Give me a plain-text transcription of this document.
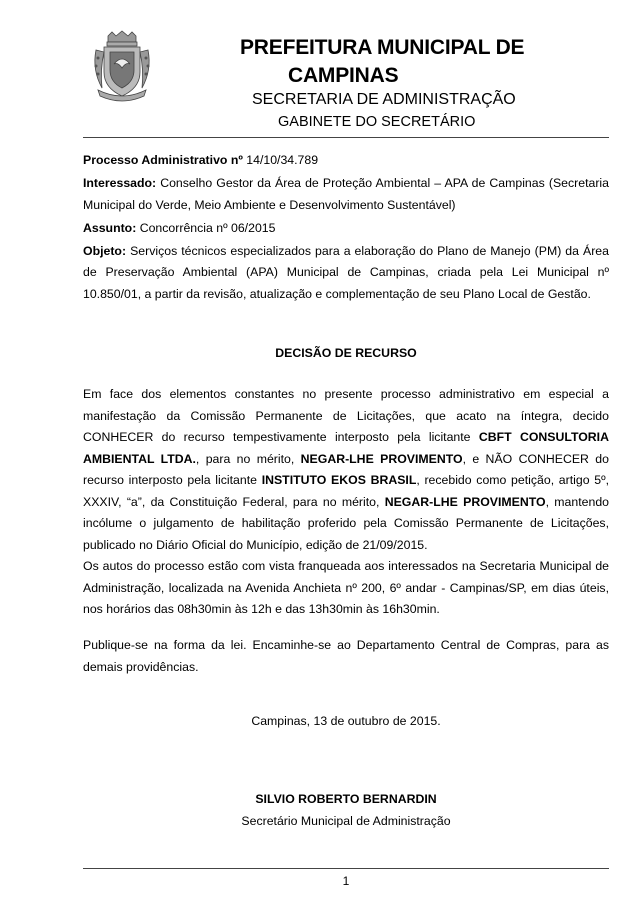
PREFEITURA MUNICIPAL DE
CAMPINAS
SECRETARIA DE ADMINISTRAÇÃO
GABINETE DO SECRETÁRIO

Processo Administrativo nº 14/10/34.789

Interessado: Conselho Gestor da Área de Proteção Ambiental – APA de Campinas (Secretaria Municipal do Verde, Meio Ambiente e Desenvolvimento Sustentável)

Assunto: Concorrência nº 06/2015

Objeto: Serviços técnicos especializados para a elaboração do Plano de Manejo (PM) da Área de Preservação Ambiental (APA) Municipal de Campinas, criada pela Lei Municipal nº 10.850/01, a partir da revisão, atualização e complementação de seu Plano Local de Gestão.

DECISÃO DE RECURSO

Em face dos elementos constantes no presente processo administrativo em especial a manifestação da Comissão Permanente de Licitações, que acato na íntegra, decido CONHECER do recurso tempestivamente interposto pela licitante CBFT CONSULTORIA AMBIENTAL LTDA., para no mérito, NEGAR-LHE PROVIMENTO, e NÃO CONHECER do recurso interposto pela licitante INSTITUTO EKOS BRASIL, recebido como petição, artigo 5º, XXXIV, “a”, da Constituição Federal, para no mérito, NEGAR-LHE PROVIMENTO, mantendo incólume o julgamento de habilitação proferido pela Comissão Permanente de Licitações, publicado no Diário Oficial do Município, edição de 21/09/2015.

Os autos do processo estão com vista franqueada aos interessados na Secretaria Municipal de Administração, localizada na Avenida Anchieta nº 200, 6º andar - Campinas/SP, em dias úteis, nos horários das 08h30min às 12h e das 13h30min às 16h30min.

Publique-se na forma da lei. Encaminhe-se ao Departamento Central de Compras, para as demais providências.

Campinas, 13 de outubro de 2015.
SILVIO ROBERTO BERNARDIN
Secretário Municipal de Administração
1
